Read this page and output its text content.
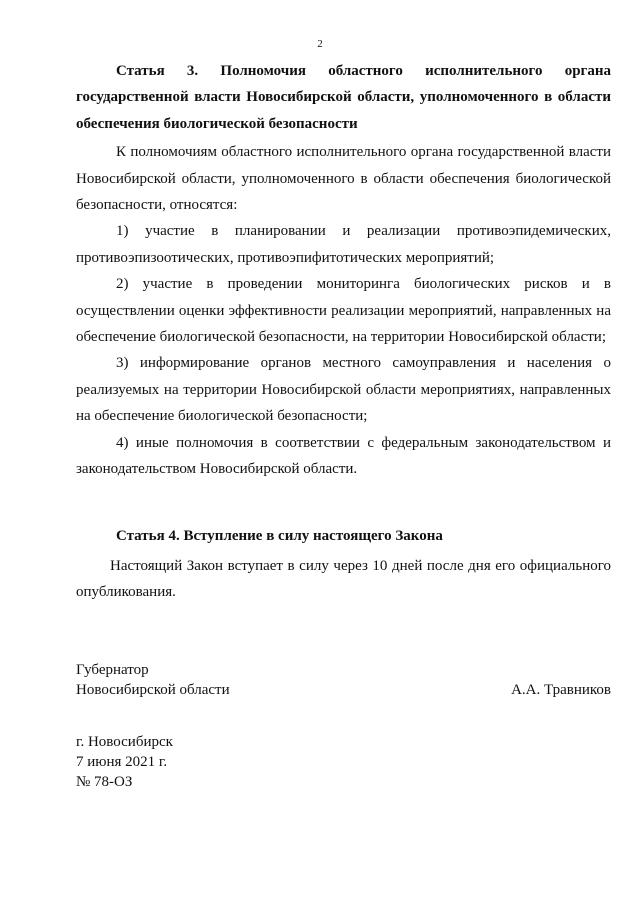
2

Статья 3. Полномочия областного исполнительного органа
государственной власти Новосибирской области, уполномоченного в области обеспечения биологической безопасности

К полномочиям областного исполнительного органа государственной власти Новосибирской области, уполномоченного в области обеспечения биологической безопасности, относятся:

1) участие в планировании и реализации противоэпидемических, противоэпизоотических, противоэпифитотических мероприятий;

2) участие в проведении мониторинга биологических рисков и в осуществлении оценки эффективности реализации мероприятий, направленных на обеспечение биологической безопасности, на территории Новосибирской области;

3) информирование органов местного самоуправления и населения о реализуемых на территории Новосибирской области мероприятиях, направленных на обеспечение биологической безопасности;

4) иные полномочия в соответствии с федеральным законодательством и законодательством Новосибирской области.

Статья 4. Вступление в силу настоящего Закона

Настоящий Закон вступает в силу через 10 дней после дня его официального опубликования.

Губернатор
Новосибирской области	А.А. Травников
г. Новосибирск
7 июня 2021 г.
№ 78-ОЗ
